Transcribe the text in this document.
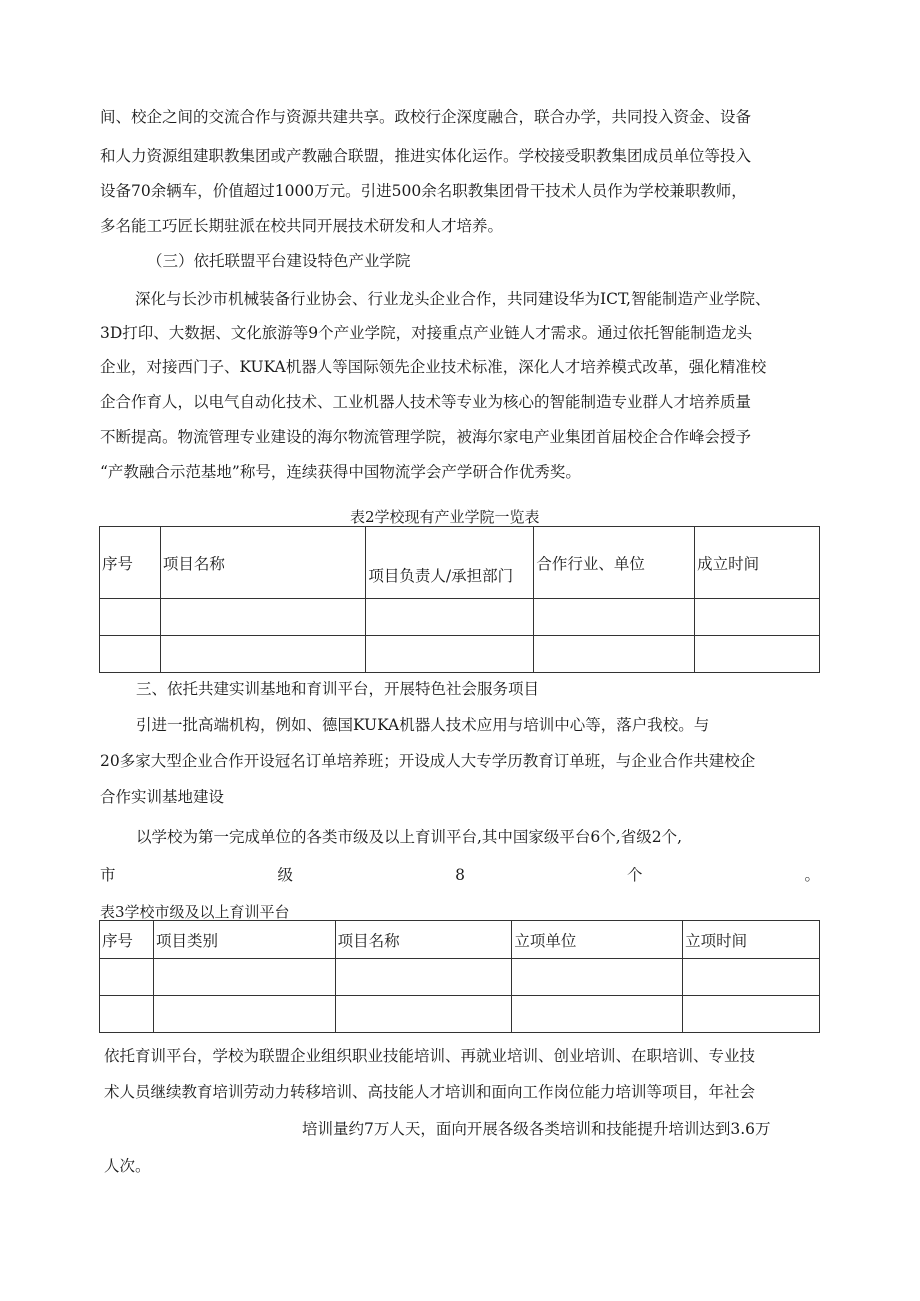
间、校企之间的交流合作与资源共建共享。政校行企深度融合，联合办学，共同投入资金、设备
和人力资源组建职教集团或产教融合联盟，推进实体化运作。学校接受职教集团成员单位等投入
设备70余辆车，价值超过1000万元。引进500余名职教集团骨干技术人员作为学校兼职教师，
多名能工巧匠长期驻派在校共同开展技术研发和人才培养。
（三）依托联盟平台建设特色产业学院
深化与长沙市机械装备行业协会、行业龙头企业合作，共同建设华为ICT,智能制造产业学院、
3D打印、大数据、文化旅游等9个产业学院，对接重点产业链人才需求。通过依托智能制造龙头
企业，对接西门子、KUKA机器人等国际领先企业技术标准，深化人才培养模式改革，强化精准校
企合作育人，以电气自动化技术、工业机器人技术等专业为核心的智能制造专业群人才培养质量
不断提高。物流管理专业建设的海尔物流管理学院，被海尔家电产业集团首届校企合作峰会授予
“产教融合示范基地”称号，连续获得中国物流学会产学研合作优秀奖。
表2学校现有产业学院一览表
序号	项目名称	项目负责人/承担部门	合作行业、单位	成立时间

三、依托共建实训基地和育训平台，开展特色社会服务项目
引进一批高端机构，例如、德国KUKA机器人技术应用与培训中心等，落户我校。与
20多家大型企业合作开设冠名订单培养班；开设成人大专学历教育订单班，与企业合作共建校企
合作实训基地建设
以学校为第一完成单位的各类市级及以上育训平台,其中国家级平台6个,省级2个,
市	级	8	个	。
表3学校市级及以上育训平台
序号	项目类别	项目名称	立项单位	立项时间

依托育训平台，学校为联盟企业组织职业技能培训、再就业培训、创业培训、在职培训、专业技
术人员继续教育培训劳动力转移培训、高技能人才培训和面向工作岗位能力培训等项目，年社会
培训量约7万人天，面向开展各级各类培训和技能提升培训达到3.6万
人次。
